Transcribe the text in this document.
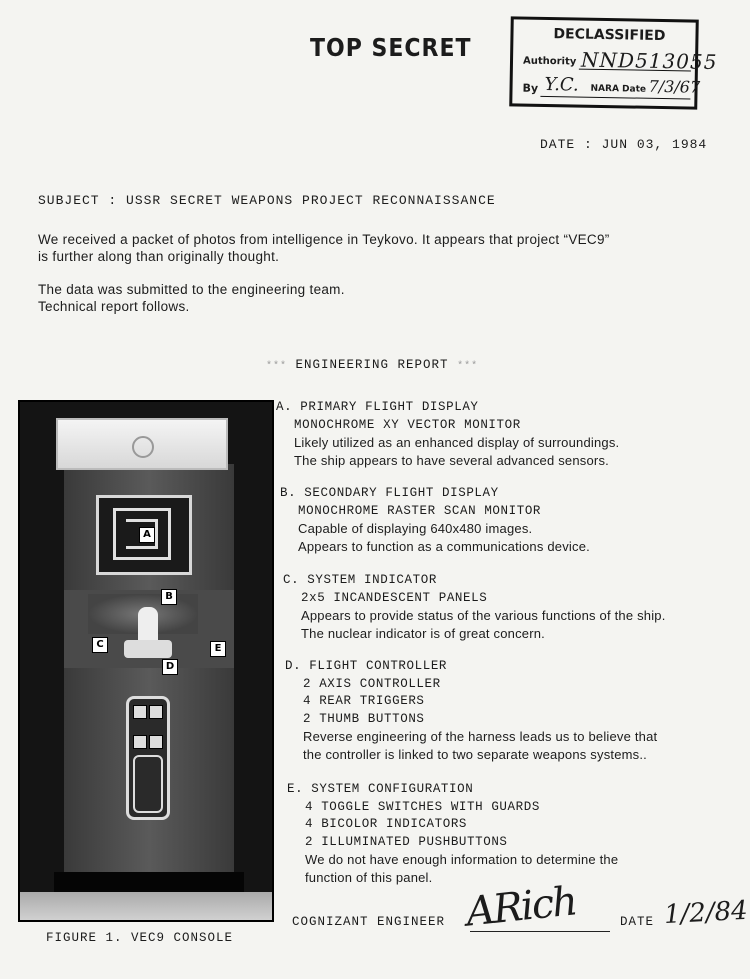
TOP SECRET	DECLASSIFIED
Authority NND513055
By Y.C. NARA Date 7/3/67
DATE : JUN 03, 1984
SUBJECT : USSR SECRET WEAPONS PROJECT RECONNAISSANCE
We received a packet of photos from intelligence in Teykovo. It appears that project “VEC9”
is further along than originally thought.
The data was submitted to the engineering team.
Technical report follows.
*** ENGINEERING REPORT ***
A
B
C
D
E
FIGURE 1. VEC9 CONSOLE
A. PRIMARY FLIGHT DISPLAY
MONOCHROME XY VECTOR MONITOR
Likely utilized as an enhanced display of surroundings.
The ship appears to have several advanced sensors.
B. SECONDARY FLIGHT DISPLAY
MONOCHROME RASTER SCAN MONITOR
Capable of displaying 640x480 images.
Appears to function as a communications device.
C. SYSTEM INDICATOR
2x5 INCANDESCENT PANELS
Appears to provide status of the various functions of the ship.
The nuclear indicator is of great concern.
D. FLIGHT CONTROLLER
2 AXIS CONTROLLER
4 REAR TRIGGERS
2 THUMB BUTTONS
Reverse engineering of the harness leads us to believe that
the controller is linked to two separate weapons systems..
E. SYSTEM CONFIGURATION
4 TOGGLE SWITCHES WITH GUARDS
4 BICOLOR INDICATORS
2 ILLUMINATED PUSHBUTTONS
We do not have enough information to determine the
function of this panel.
COGNIZANT ENGINEER ARich	DATE 1/2/84
